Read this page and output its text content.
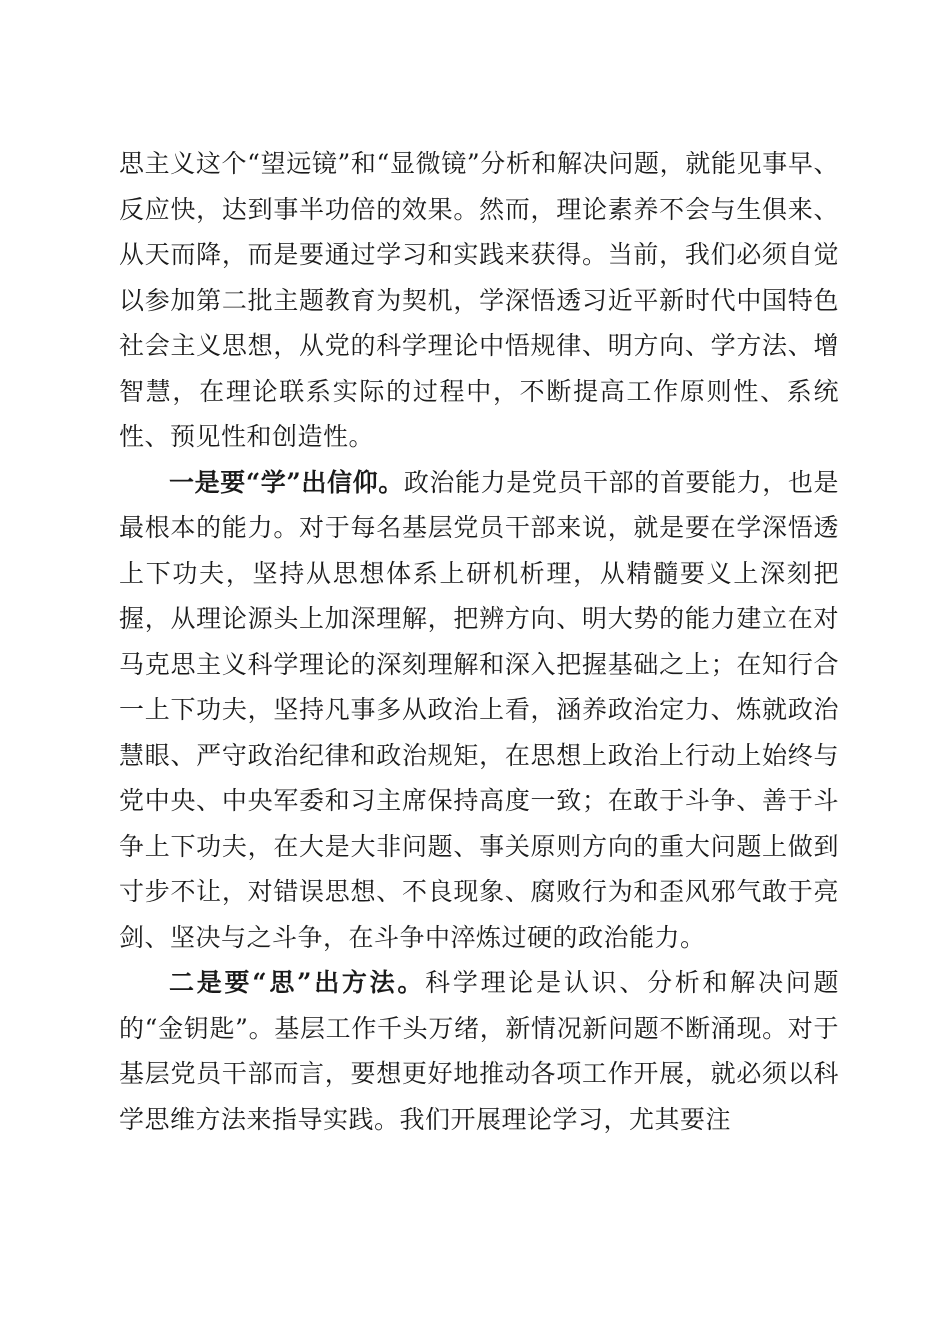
思主义这个“望远镜”和“显微镜”分析和解决问题，就能见事早、反应快，达到事半功倍的效果。然而，理论素养不会与生俱来、从天而降，而是要通过学习和实践来获得。当前，我们必须自觉以参加第二批主题教育为契机，学深悟透习近平新时代中国特色社会主义思想，从党的科学理论中悟规律、明方向、学方法、增智慧，在理论联系实际的过程中，不断提高工作原则性、系统性、预见性和创造性。

一是要“学”出信仰。政治能力是党员干部的首要能力，也是最根本的能力。对于每名基层党员干部来说，就是要在学深悟透上下功夫，坚持从思想体系上研机析理，从精髓要义上深刻把握，从理论源头上加深理解，把辨方向、明大势的能力建立在对马克思主义科学理论的深刻理解和深入把握基础之上；在知行合一上下功夫，坚持凡事多从政治上看，涵养政治定力、炼就政治慧眼、严守政治纪律和政治规矩，在思想上政治上行动上始终与党中央、中央军委和习主席保持高度一致；在敢于斗争、善于斗争上下功夫，在大是大非问题、事关原则方向的重大问题上做到寸步不让，对错误思想、不良现象、腐败行为和歪风邪气敢于亮剑、坚决与之斗争，在斗争中淬炼过硬的政治能力。

二是要“思”出方法。科学理论是认识、分析和解决问题的“金钥匙”。基层工作千头万绪，新情况新问题不断涌现。对于基层党员干部而言，要想更好地推动各项工作开展，就必须以科学思维方法来指导实践。我们开展理论学习，尤其要注
